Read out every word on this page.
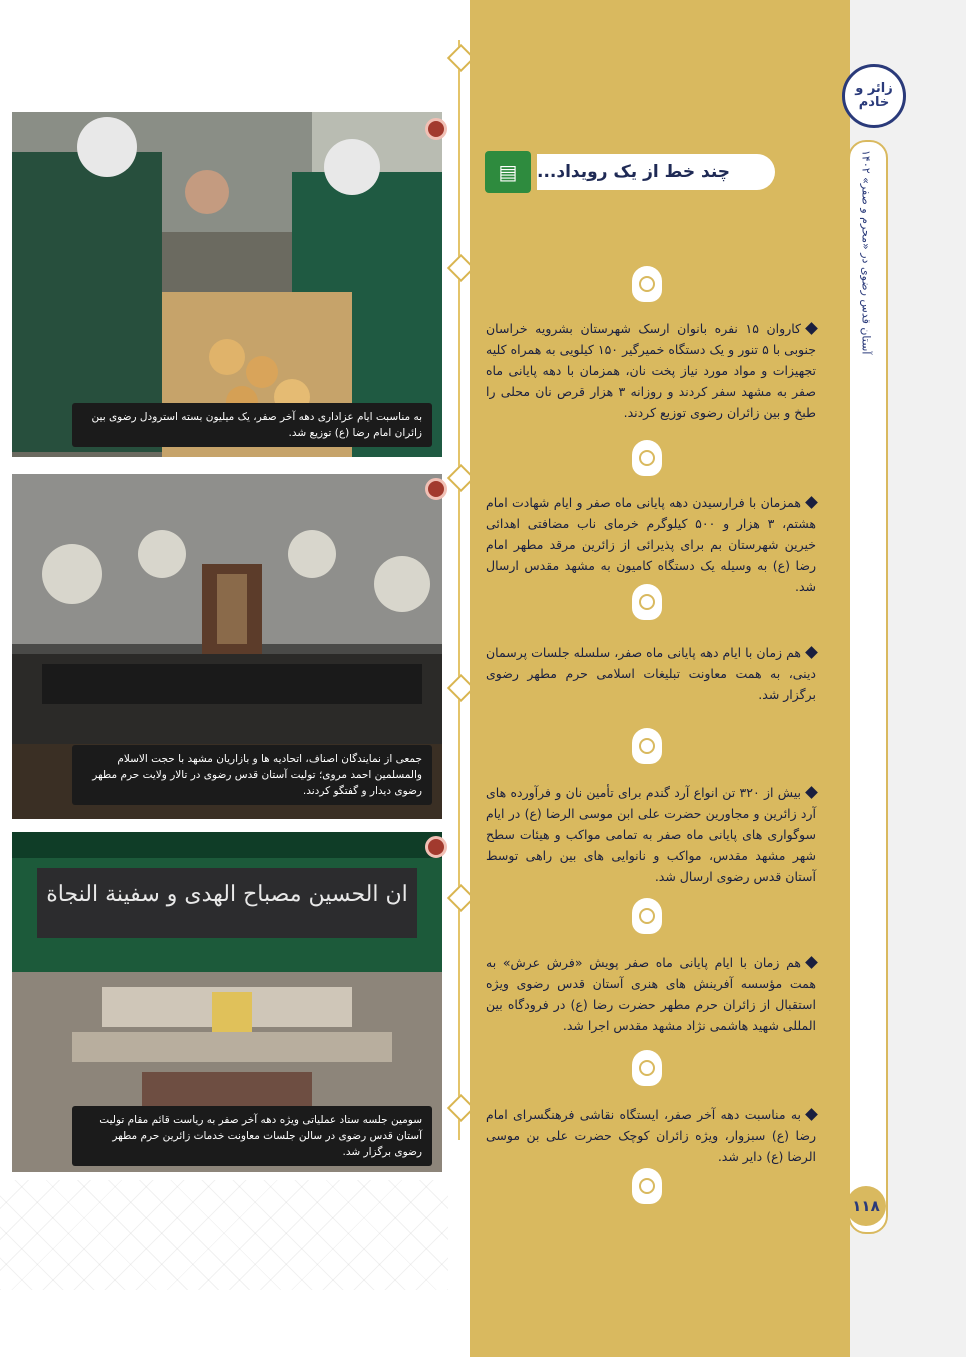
به مناسبت ایام عزاداری دهه آخر صفر، یک میلیون بسته استرودل رضوی بین زائران امام رضا (ع) توزیع شد.
جمعی از نمایندگان اصناف، اتحادیه ها و بازاریان مشهد با حجت الاسلام والمسلمین احمد مروی؛ تولیت آستان قدس رضوی در تالار ولایت حرم مطهر رضوی دیدار و گفتگو کردند.
سومین جلسه ستاد عملیاتی ویژه دهه آخر صفر به ریاست قائم مقام تولیت آستان قدس رضوی در سالن جلسات معاونت خدمات زائرین حرم مطهر رضوی برگزار شد.
ان الحسین مصباح الهدی و سفینة النجاة
زائر و خادم
آستان قدس رضوی در «محرم و صفر» ۱۴۰۲
۱۱۸
▤	چند خط از یک رویداد...
کاروان ۱۵ نفره بانوان ارسک شهرستان بشرویه خراسان جنوبی با ۵ تنور و یک دستگاه خمیرگیر ۱۵۰ کیلویی به همراه کلیه تجهیزات و مواد مورد نیاز پخت نان، همزمان با دهه پایانی ماه صفر به مشهد سفر کردند و روزانه ۳ هزار قرص نان محلی را طبخ و بین زائران رضوی توزیع کردند.
همزمان با فرارسیدن دهه پایانی ماه صفر و ایام شهادت امام هشتم، ۳ هزار و ۵۰۰ کیلوگرم خرمای ناب مضافتی اهدائی خیرین شهرستان بم برای پذیرائی از زائرین مرقد مطهر امام رضا (ع) به وسیله یک دستگاه کامیون به مشهد مقدس ارسال شد.
هم زمان با ایام دهه پایانی ماه صفر، سلسله جلسات پرسمان دینی، به همت معاونت تبلیغات اسلامی حرم مطهر رضوی برگزار شد.
بیش از ۳۲۰ تن انواع آرد گندم برای تأمین نان و فرآورده های آرد زائرین و مجاورین حضرت علی ابن موسی الرضا (ع) در ایام سوگواری های پایانی ماه صفر به تمامی مواکب و هیئات سطح شهر مشهد مقدس، مواکب و نانوایی های بین راهی توسط آستان قدس رضوی ارسال شد.
هم زمان با ایام پایانی ماه صفر پویش «فرش عرش» به همت مؤسسه آفرینش های هنری آستان قدس رضوی ویژه استقبال از زائران حرم مطهر حضرت رضا (ع) در فرودگاه بین المللی شهید هاشمی نژاد مشهد مقدس اجرا شد.
به مناسبت دهه آخر صفر، ایستگاه نقاشی فرهنگسرای امام رضا (ع) سبزوار، ویژه زائران کوچک حضرت علی بن موسی الرضا (ع) دایر شد.
